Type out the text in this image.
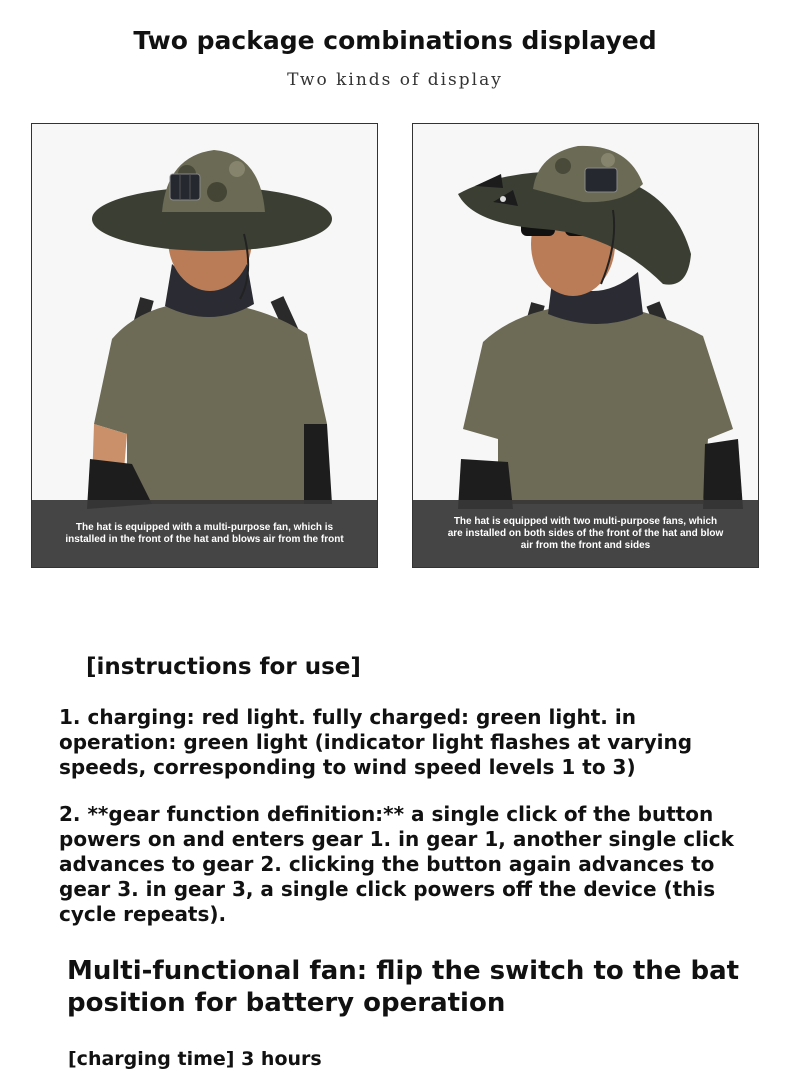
Two package combinations displayed
Two kinds of display
The hat is equipped with a multi-purpose fan, which is installed in the front of the hat and blows air from the front
The hat is equipped with two multi-purpose fans, which are installed on both sides of the front of the hat and blow air from the front and sides
[instructions for use]
1. charging: red light. fully charged: green light. in operation: green light (indicator light flashes at varying speeds, corresponding to wind speed levels 1 to 3)
2. **gear function definition:** a single click of the button powers on and enters gear 1. in gear 1, another single click advances to gear 2. clicking the button again advances to gear 3. in gear 3, a single click powers off the device (this cycle repeats).
Multi-functional fan: flip the switch to the bat position for battery operation
[charging time] 3 hours
